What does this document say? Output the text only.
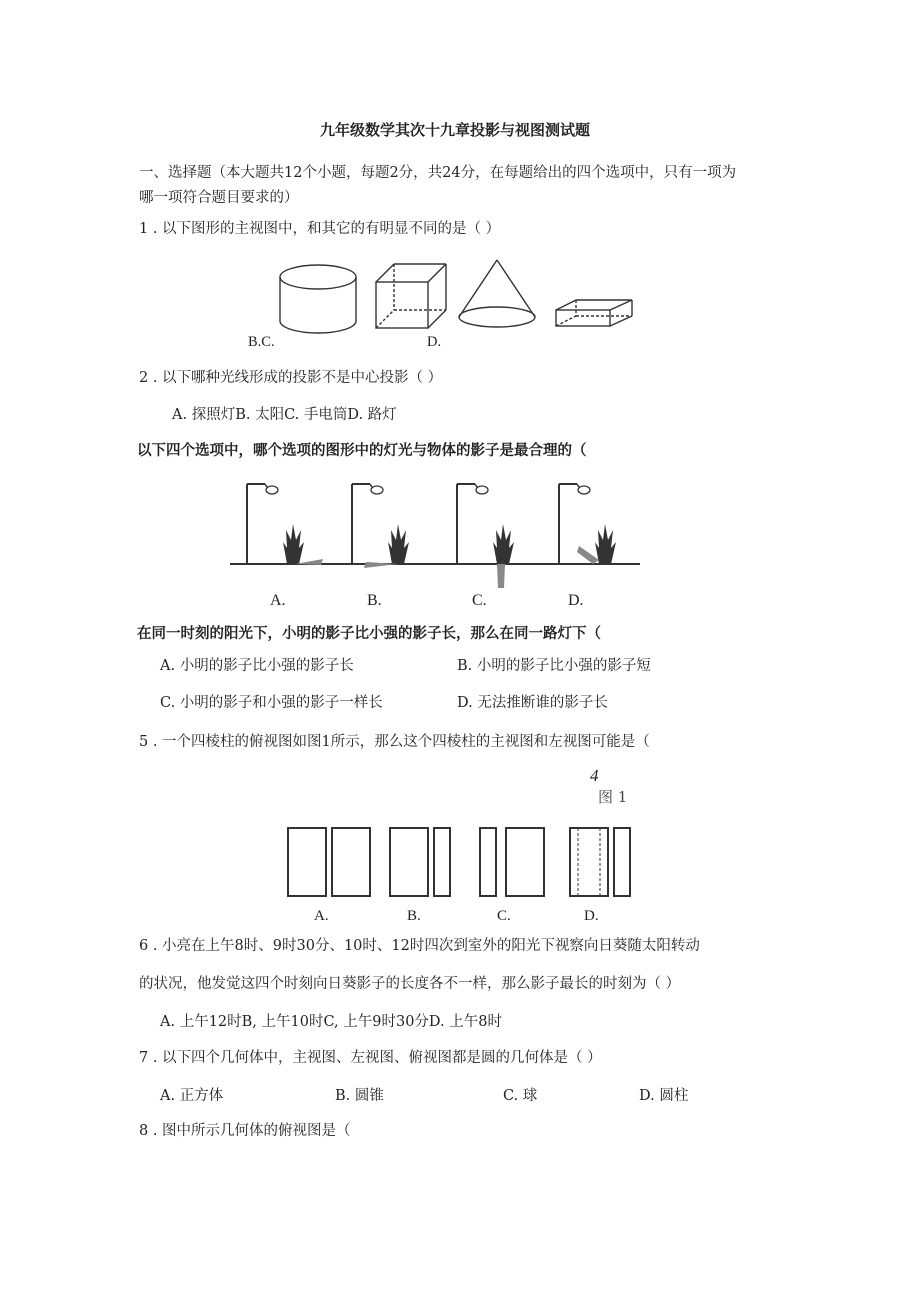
九年级数学其次十九章投影与视图测试题
一、选择题（本大题共12个小题，每题2分，共24分，在每题给出的四个选项中，只有一项为
哪一项符合题目要求的）
1 . 以下图形的主视图中，和其它的有明显不同的是（ ）
B.C.	D.
2 . 以下哪种光线形成的投影不是中心投影（ ）
A. 探照灯B. 太阳C. 手电筒D. 路灯
以下四个选项中，哪个选项的图形中的灯光与物体的影子是最合理的（
A.	B.	C.	D.
在同一时刻的阳光下，小明的影子比小强的影子长，那么在同一路灯下（
A. 小明的影子比小强的影子长	B. 小明的影子比小强的影子短
C. 小明的影子和小强的影子一样长	D. 无法推断谁的影子长
5 . 一个四棱柱的俯视图如图1所示，那么这个四棱柱的主视图和左视图可能是（
4
图 1
A.	B.	C.	D.
6 . 小亮在上午8时、9时30分、10时、12时四次到室外的阳光下视察向日葵随太阳转动
的状况，他发觉这四个时刻向日葵影子的长度各不一样，那么影子最长的时刻为（ ）
A. 上午12时B, 上午10时C, 上午9时30分D. 上午8时
7 . 以下四个几何体中，主视图、左视图、俯视图都是圆的几何体是（ ）
A. 正方体	B. 圆锥	C. 球	D. 圆柱
8 . 图中所示几何体的俯视图是（
